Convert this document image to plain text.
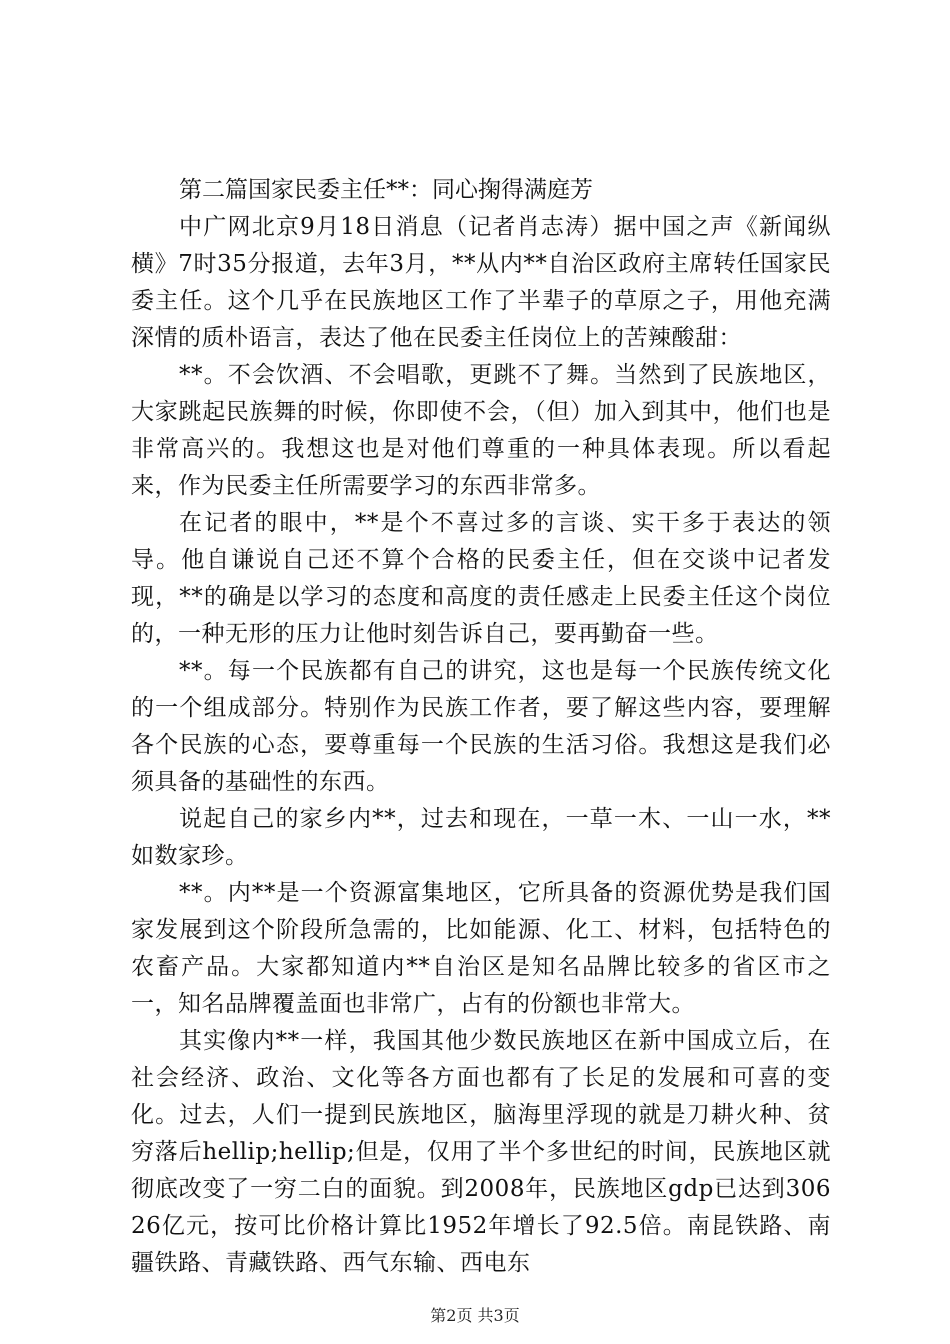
第二篇国家民委主任**：同心掬得满庭芳

中广网北京9月18日消息（记者肖志涛）据中国之声《新闻纵横》7时35分报道，去年3月，**从内**自治区政府主席转任国家民委主任。这个几乎在民族地区工作了半辈子的草原之子，用他充满深情的质朴语言，表达了他在民委主任岗位上的苦辣酸甜：

**。不会饮酒、不会唱歌，更跳不了舞。当然到了民族地区，大家跳起民族舞的时候，你即使不会，（但）加入到其中，他们也是非常高兴的。我想这也是对他们尊重的一种具体表现。所以看起来，作为民委主任所需要学习的东西非常多。

在记者的眼中，**是个不喜过多的言谈、实干多于表达的领导。他自谦说自己还不算个合格的民委主任，但在交谈中记者发现，**的确是以学习的态度和高度的责任感走上民委主任这个岗位的，一种无形的压力让他时刻告诉自己，要再勤奋一些。

**。每一个民族都有自己的讲究，这也是每一个民族传统文化的一个组成部分。特别作为民族工作者，要了解这些内容，要理解各个民族的心态，要尊重每一个民族的生活习俗。我想这是我们必须具备的基础性的东西。

说起自己的家乡内**，过去和现在，一草一木、一山一水，**如数家珍。

**。内**是一个资源富集地区，它所具备的资源优势是我们国家发展到这个阶段所急需的，比如能源、化工、材料，包括特色的农畜产品。大家都知道内**自治区是知名品牌比较多的省区市之一，知名品牌覆盖面也非常广，占有的份额也非常大。

其实像内**一样，我国其他少数民族地区在新中国成立后，在社会经济、政治、文化等各方面也都有了长足的发展和可喜的变化。过去，人们一提到民族地区，脑海里浮现的就是刀耕火种、贫穷落后hellip;hellip;但是，仅用了半个多世纪的时间，民族地区就彻底改变了一穷二白的面貌。到2008年，民族地区gdp已达到30626亿元，按可比价格计算比1952年增长了92.5倍。南昆铁路、南疆铁路、青藏铁路、西气东输、西电东

第2页 共3页
